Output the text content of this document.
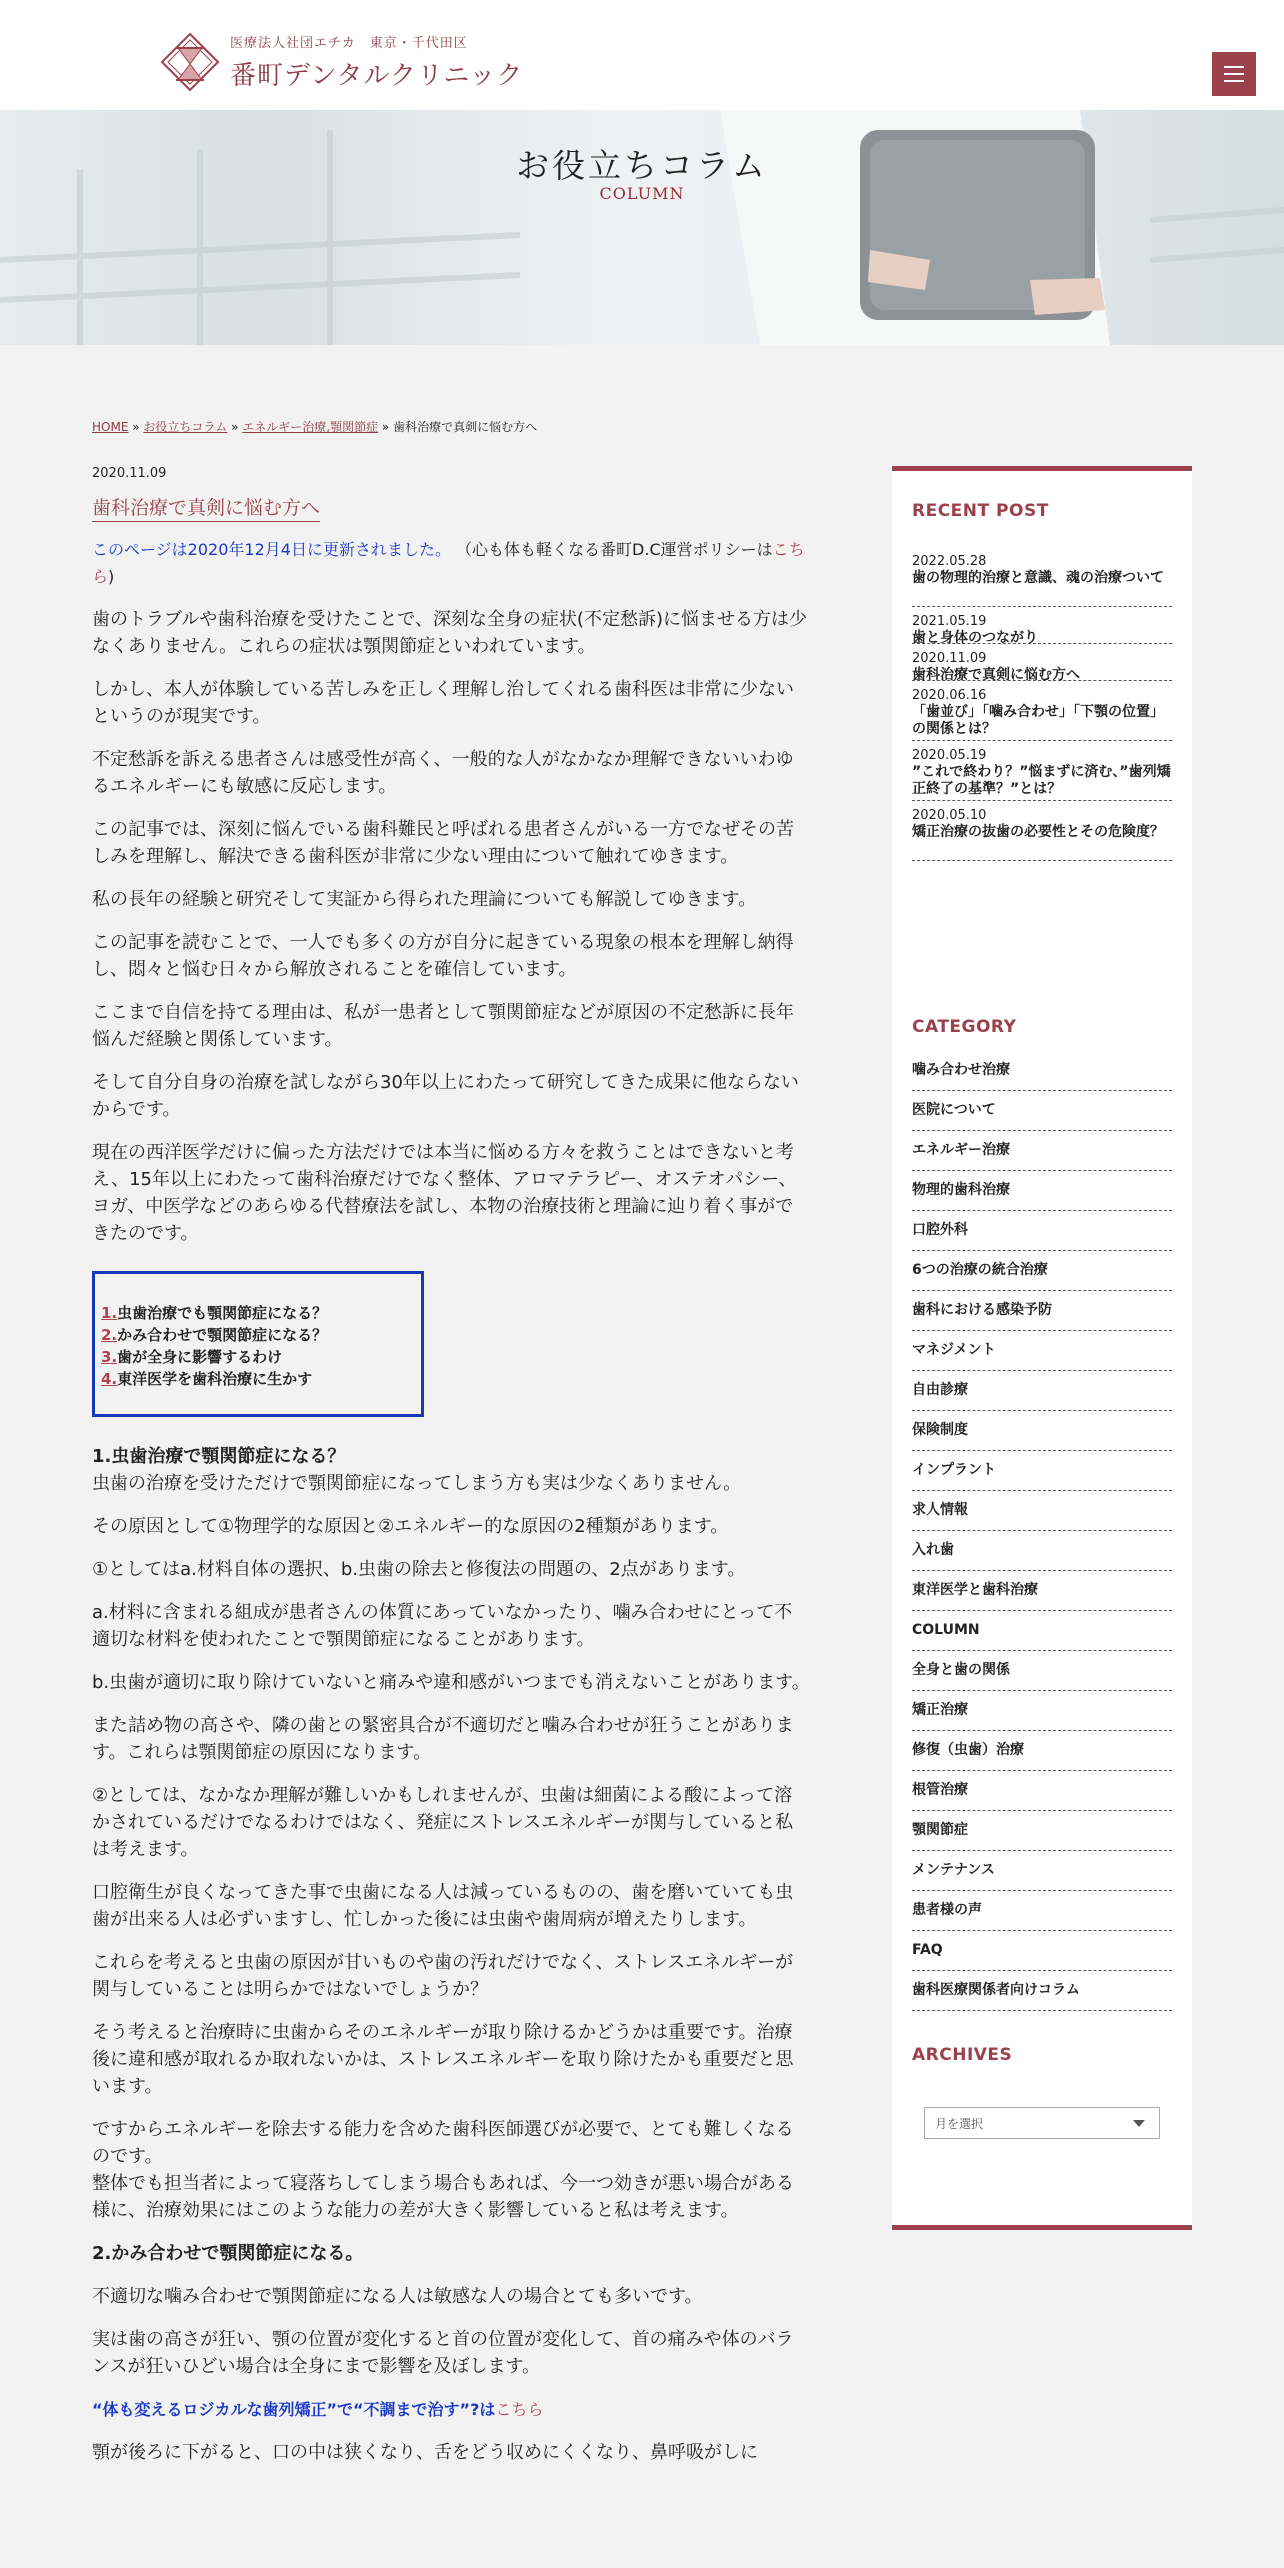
医療法人社団エチカ　東京・千代田区
番町デンタルクリニック
お役立ちコラム
COLUMN
HOME » お役立ちコラム » エネルギー治療,顎関節症 » 歯科治療で真剣に悩む方へ
2020.11.09
歯科治療で真剣に悩む方へ

このページは2020年12月4日に更新されました。 （心も体も軽くなる番町D.C運営ポリシーはこちら)

歯のトラブルや歯科治療を受けたことで、深刻な全身の症状(不定愁訴)に悩ませる方は少なくありません。これらの症状は顎関節症といわれています。

しかし、本人が体験している苦しみを正しく理解し治してくれる歯科医は非常に少ないというのが現実です。

不定愁訴を訴える患者さんは感受性が高く、一般的な人がなかなか理解できないいわゆるエネルギーにも敏感に反応します。

この記事では、深刻に悩んでいる歯科難民と呼ばれる患者さんがいる一方でなぜその苦しみを理解し、解決できる歯科医が非常に少ない理由について触れてゆきます。

私の長年の経験と研究そして実証から得られた理論についても解説してゆきます。

この記事を読むことで、一人でも多くの方が自分に起きている現象の根本を理解し納得し、悶々と悩む日々から解放されることを確信しています。

ここまで自信を持てる理由は、私が一患者として顎関節症などが原因の不定愁訴に長年悩んだ経験と関係しています。

そして自分自身の治療を試しながら30年以上にわたって研究してきた成果に他ならないからです。

現在の西洋医学だけに偏った方法だけでは本当に悩める方々を救うことはできないと考え、15年以上にわたって歯科治療だけでなく整体、アロマテラピー、オステオパシー、ヨガ、中医学などのあらゆる代替療法を試し、本物の治療技術と理論に辿り着く事ができたのです。

1.虫歯治療でも顎関節症になる？
2.かみ合わせで顎関節症になる？
3.歯が全身に影響するわけ
4.東洋医学を歯科治療に生かす
1.虫歯治療で顎関節症になる？

虫歯の治療を受けただけで顎関節症になってしまう方も実は少なくありません。

その原因として①物理学的な原因と②エネルギー的な原因の2種類があります。

①としてはa.材料自体の選択、b.虫歯の除去と修復法の問題の、2点があります。

a.材料に含まれる組成が患者さんの体質にあっていなかったり、噛み合わせにとって不適切な材料を使われたことで顎関節症になることがあります。

b.虫歯が適切に取り除けていないと痛みや違和感がいつまでも消えないことがあります。

また詰め物の高さや、隣の歯との緊密具合が不適切だと噛み合わせが狂うことがあります。これらは顎関節症の原因になります。

②としては、なかなか理解が難しいかもしれませんが、虫歯は細菌による酸によって溶かされているだけでなるわけではなく、発症にストレスエネルギーが関与していると私は考えます。

口腔衛生が良くなってきた事で虫歯になる人は減っているものの、歯を磨いていても虫歯が出来る人は必ずいますし、忙しかった後には虫歯や歯周病が増えたりします。

これらを考えると虫歯の原因が甘いものや歯の汚れだけでなく、ストレスエネルギーが関与していることは明らかではないでしょうか？

そう考えると治療時に虫歯からそのエネルギーが取り除けるかどうかは重要です。治療後に違和感が取れるか取れないかは、ストレスエネルギーを取り除けたかも重要だと思います。

ですからエネルギーを除去する能力を含めた歯科医師選びが必要で、とても難しくなるのです。
整体でも担当者によって寝落ちしてしまう場合もあれば、今一つ効きが悪い場合がある様に、治療効果にはこのような能力の差が大きく影響していると私は考えます。

2.かみ合わせで顎関節症になる。

不適切な噛み合わせで顎関節症になる人は敏感な人の場合とても多いです。

実は歯の高さが狂い、顎の位置が変化すると首の位置が変化して、首の痛みや体のバランスが狂いひどい場合は全身にまで影響を及ぼします。

“体も変えるロジカルな歯列矯正”で“不調まで治す”?はこちら

顎が後ろに下がると、口の中は狭くなり、舌をどう収めにくくなり、鼻呼吸がしに

RECENT POST
2022.05.28
歯の物理的治療と意識、魂の治療ついて
2021.05.19
歯と身体のつながり
2020.11.09
歯科治療で真剣に悩む方へ
2020.06.16
「歯並び」「噛み合わせ」「下顎の位置」の関係とは？
2020.05.19
”これで終わり？”悩まずに済む、”歯列矯正終了の基準？”とは？
2020.05.10
矯正治療の抜歯の必要性とその危険度？
CATEGORY
噛み合わせ治療
医院について
エネルギー治療
物理的歯科治療
口腔外科
6つの治療の統合治療
歯科における感染予防
マネジメント
自由診療
保険制度
インプラント
求人情報
入れ歯
東洋医学と歯科治療
COLUMN
全身と歯の関係
矯正治療
修復（虫歯）治療
根管治療
顎関節症
メンテナンス
患者様の声
FAQ
歯科医療関係者向けコラム
ARCHIVES
月を選択
